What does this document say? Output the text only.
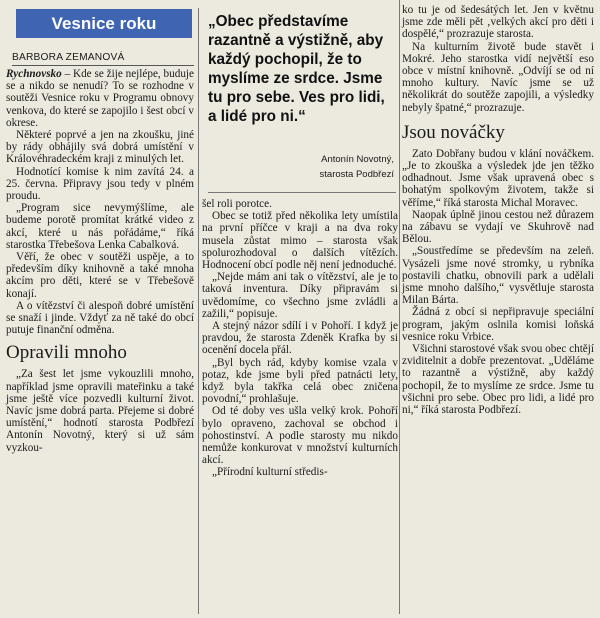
Vesnice roku
BARBORA ZEMANOVÁ
„Obec představíme razantně a výstižně, aby každý pochopil, že to myslíme ze srdce. Jsme tu pro sebe. Ves pro lidi, a lidé pro ni.“
Antonín Novotný,
starosta Podbřezí

Rychnovsko – Kde se žije nejlépe, buduje se a nikdo se nenudí? To se rozhodne v soutěži Vesnice roku v Programu obnovy venkova, do které se zapojilo i šest obcí v okrese.

Některé poprvé a jen na zkoušku, jiné by rády obhájily svá dobrá umístění v Královéhradeckém kraji z minulých let.

Hodnotící komise k nim zavítá 24. a 25. června. Připravy jsou tedy v plném proudu.

„Program sice nevymýšlíme, ale budeme porotě promítat krátké video z akcí, které u nás pořádáme,“ říká starostka Třebešova Lenka Cabalková.

Věří, že obec v soutěži uspěje, a to především díky knihovně a také mnoha akcím pro děti, které se v Třebešově konají.

A o vítězství či alespoň dobré umístění se snaží i jinde. Vždyť za ně také do obcí putuje finanční odměna.

Opravili mnoho

„Za šest let jsme vykouzlili mnoho, například jsme opravili mateřinku a také jsme ještě více pozvedli kulturní život. Navíc jsme dobrá parta. Přejeme si dobré umístění,“ hodnotí starosta Podbřezí Antonín Novotný, který si už sám vyzkou-

šel roli porotce.

Obec se totiž před několika lety umístila na první příčce v kraji a na dva roky musela zůstat mimo – starosta však spolurozhodoval o dalších vítězích. Hodnocení obcí podle něj není jednoduché.

„Nejde mám ani tak o vítězství, ale je to taková inventura. Díky připravám si uvědomíme, co všechno jsme zvládli a zažili,“ popisuje.

A stejný názor sdílí i v Pohoří. I když je pravdou, že starosta Zdeněk Krafka by si ocenění docela přál.

„Byl bych rád, kdyby komise vzala v potaz, kde jsme byli před patnácti lety, když byla takřka celá obec zničena povodní,“ prohlašuje.

Od té doby ves ušla velký krok. Pohoří bylo opraveno, zachoval se obchod i pohostinství. A podle starosty mu nikdo nemůže konkurovat v množství kulturních akcí.

„Přírodní kulturní středis-

ko tu je od šedesátých let. Jen v květnu jsme zde měli pět ‚velkých akcí pro děti i dospělé,“ prozrazuje starosta.

Na kulturním životě bude stavět i Mokré. Jeho starostka vidí největší eso obce v místní knihovně. „Odvíjí se od ní mnoho kultury. Navíc jsme se už několikrát do soutěže zapojili, a výsledky nebyly špatné,“ prozrazuje.

Jsou nováčky

Zato Dobřany budou v klání nováčkem. „Je to zkouška a výsledek jde jen těžko odhadnout. Jsme však upravená obec s bohatým spolkovým životem, takže si věříme,“ říká starosta Michal Moravec.

Naopak úplně jinou cestou než důrazem na zábavu se vydají ve Skuhrově nad Bělou.

„Soustředíme se především na zeleň. Vysázeli jsme nové stromky, u rybníka postavili chatku, obnovili park a udělali jsme mnoho dalšího,“ vysvětluje starosta Milan Bárta.

Žádná z obcí si nepřipravuje speciální program, jakým oslnila komisi loňská vesnice roku Vrbice.

Všichni starostové však svou obec chtějí zviditelnit a dobře prezentovat. „Uděláme to razantně a výstižně, aby každý pochopil, že to myslíme ze srdce. Jsme tu všichni pro sebe. Obec pro lidi, a lidé pro ni,“ říká starosta Podbřezí.
